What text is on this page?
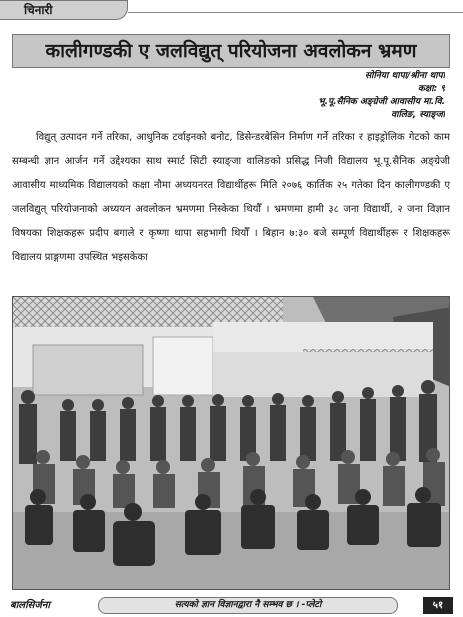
चिनारी
कालीगण्डकी ए जलविद्युत् परियोजना अवलोकन भ्रमण
सोनिया थापा/श्रीना थापा
कक्षा: ९
भू.पू.सैनिक अङ्ग्रेजी आवासीय मा.वि.
वालिङ, स्याङ्जा

विद्युत् उत्पादन गर्ने तरिका, आधुनिक टर्वाइनको बनोट, डिसेन्डरबेसिन निर्माण गर्ने तरिका र हाइड्रोलिक गेटको काम सम्बन्धी ज्ञान आर्जन गर्ने उद्देश्यका साथ स्मार्ट सिटी स्याङ्जा वालिङको प्रसिद्ध निजी विद्यालय भू.पू.सैनिक अङ्ग्रेजी आवासीय माध्यमिक विद्यालयको कक्षा नौमा अध्ययनरत विद्यार्थीहरू मिति २०७६ कार्तिक २५ गतेका दिन कालीगण्डकी ए जलविद्युत् परियोजनाको अध्ययन अवलोकन भ्रमणमा निस्केका थियौँ । भ्रमणमा हामी ३८ जना विद्यार्थी, २ जना विज्ञान विषयका शिक्षकहरू प्रदीप बगाले र कृष्णा थापा सहभागी थियौँ । बिहान ७:३० बजे सम्पूर्ण विद्यार्थीहरू र शिक्षकहरू विद्यालय प्राङ्गणमा उपस्थित भइसकेका

बालसिर्जना	सत्यको ज्ञान विज्ञानद्वारा नै सम्भव छ । -प्लेटो	५१
